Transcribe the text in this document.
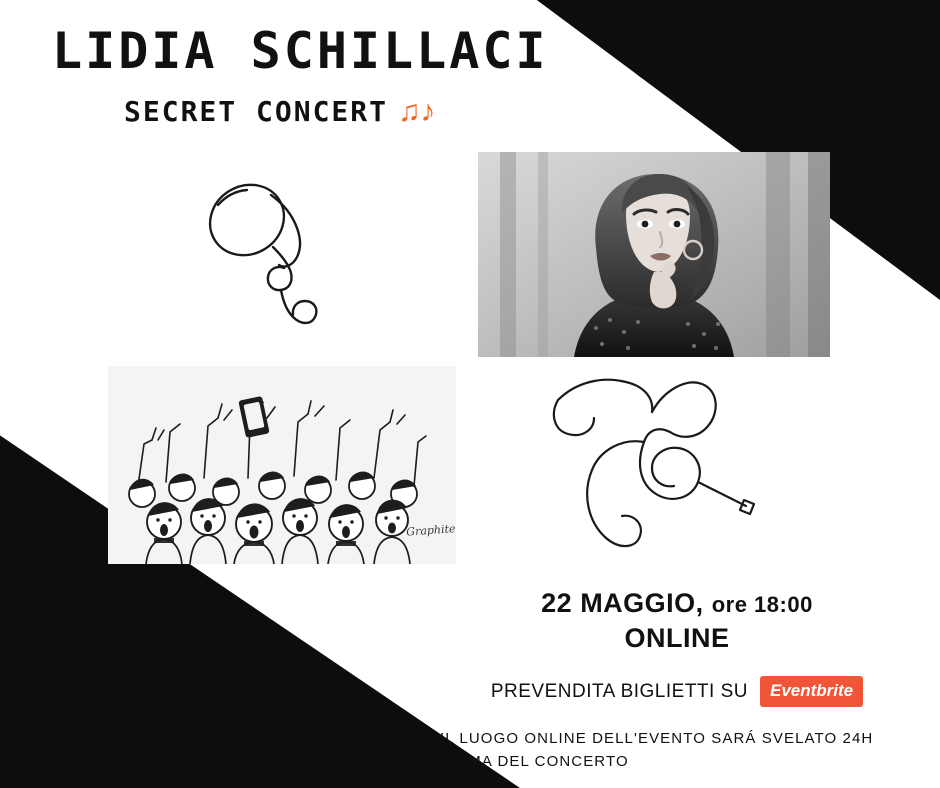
LIDIA SCHILLACI
SECRET CONCERT ♫♪
Graphite
22 MAGGIO, ore 18:00
ONLINE
PREVENDITA BIGLIETTI SU	Eventbrite
IL LUOGO ONLINE DELL'EVENTO SARÁ SVELATO 24H
PRIMA DEL CONCERTO
